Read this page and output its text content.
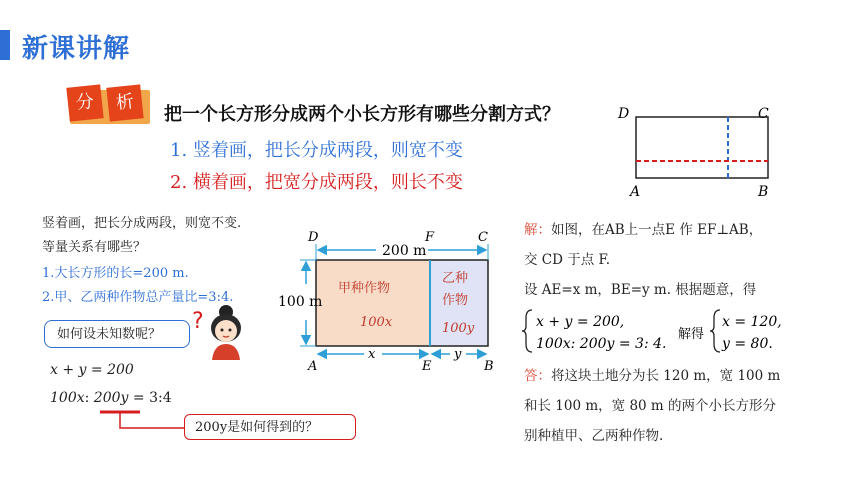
新课讲解
分	析
把一个长方形分成两个小长方形有哪些分割方式？
1. 竖着画，把长分成两段，则宽不变
2. 横着画，把宽分成两段，则长不变
D	C
A	B
竖着画，把长分成两段，则宽不变.
等量关系有哪些？
1.大长方形的长=200 m.
2.甲、乙两种作物总产量比=3:4.
如何设未知数呢？
?
x + y = 200
100x: 200y = 3:4
200y是如何得到的？
200 m
100 m
x	y
甲种作物
100x
乙种
作物
100y
D	F	C
A	E	B
解：如图，在AB上一点E 作 EF⊥AB，
交 CD 于点 F.
设 AE=x m，BE=y m. 根据题意，得
x + y = 200,
100x: 200y = 3: 4.
解得
x = 120,
y = 80.
答：将这块土地分为长 120 m，宽 100 m
和长 100 m，宽 80 m 的两个小长方形分
别种植甲、乙两种作物.
